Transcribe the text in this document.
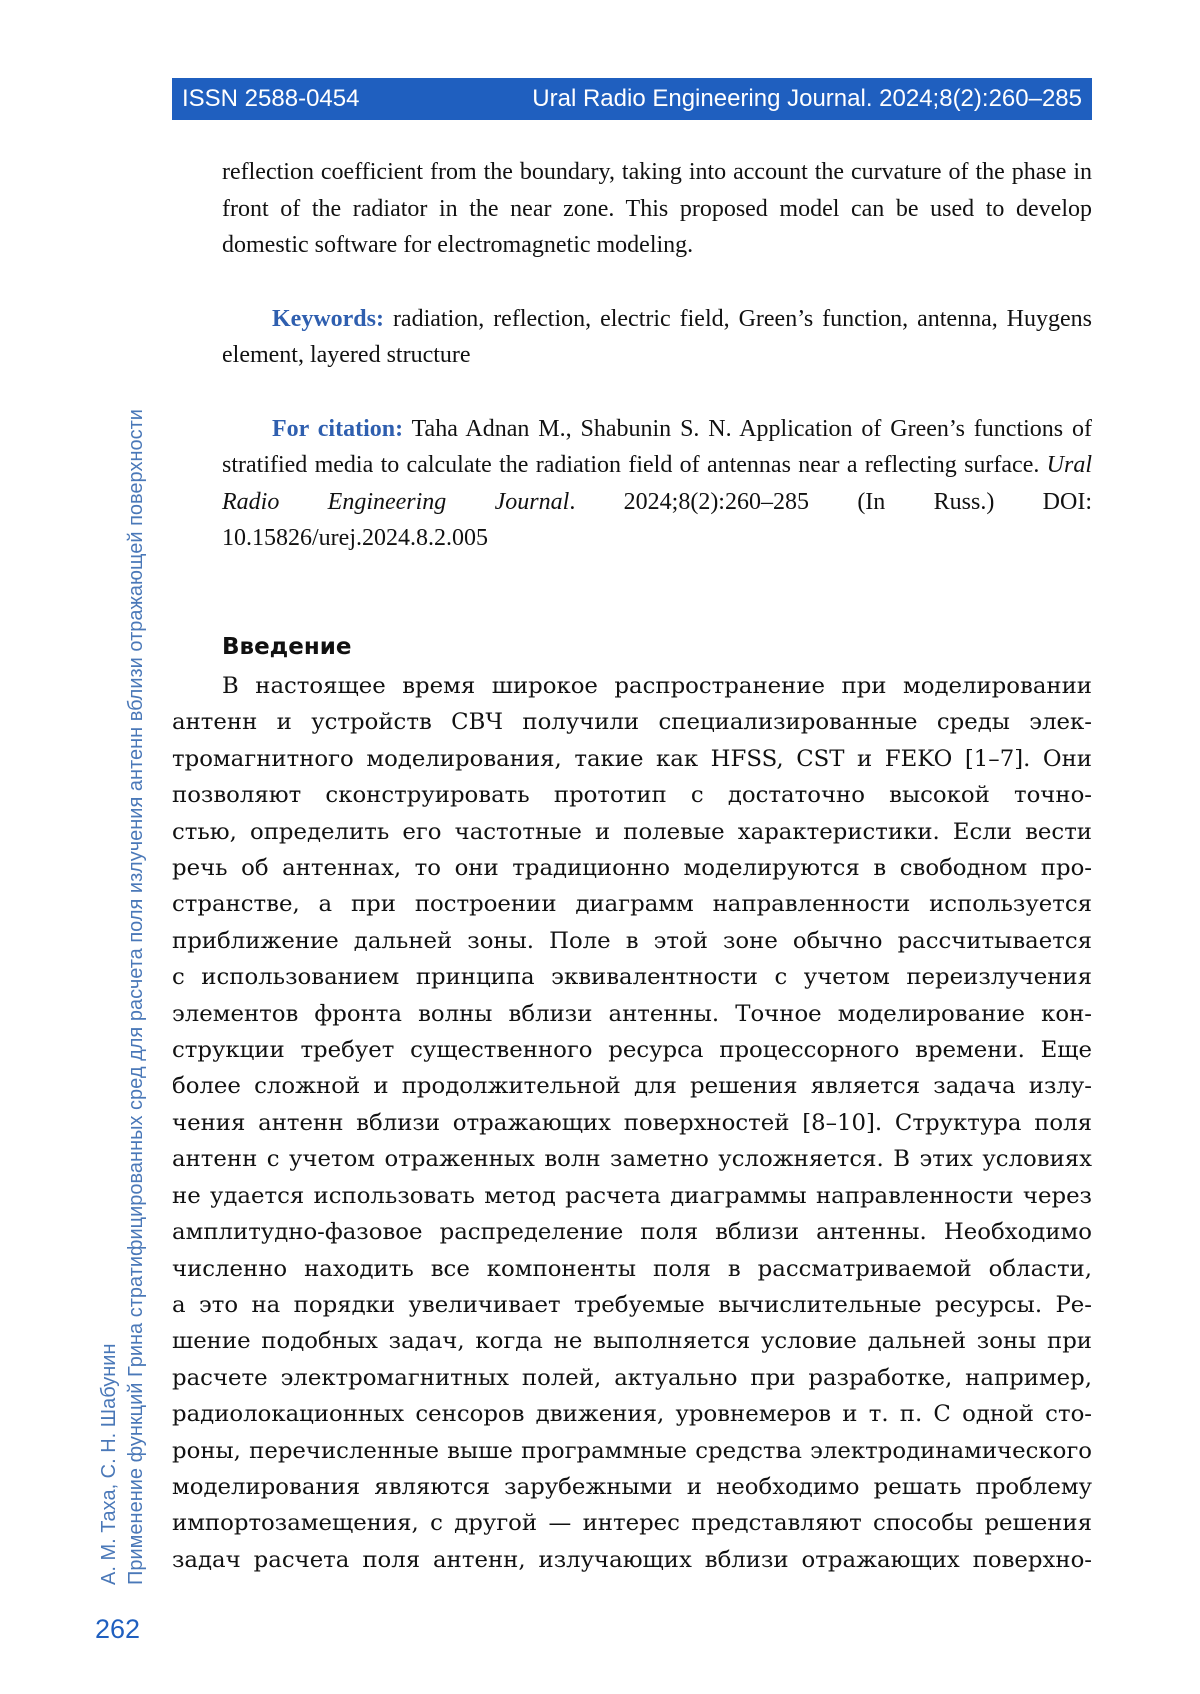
ISSN 2588-0454	Ural Radio Engineering Journal. 2024;8(2):260–285
А. М. Таха, С. Н. Шабунин Применение функций Грина стратифицированных сред для расчета поля излучения антенн вблизи отражающей поверхности
262

reflection coefficient from the boundary, taking into account the curvature of the phase in front of the radiator in the near zone. This proposed model can be used to develop domestic software for electromagnetic modeling.

Keywords: radiation, reflection, electric field, Green’s function, antenna, Huygens element, layered structure

For citation: Taha Adnan M., Shabunin S. N. Application of Green’s functions of stratified media to calculate the radiation field of antennas near a reflecting surface. Ural Radio Engineering Journal. 2024;8(2):260–285 (In Russ.) DOI: 10.15826/urej.2024.8.2.005

Введение
В настоящее время широкое распространение при моделировании
антенн и устройств СВЧ получили специализированные среды элек-
тромагнитного моделирования, такие как HFSS, CST и FEKO [1–7]. Они
позволяют сконструировать прототип с достаточно высокой точно-
стью, определить его частотные и полевые характеристики. Если вести
речь об антеннах, то они традиционно моделируются в свободном про-
странстве, а при построении диаграмм направленности используется
приближение дальней зоны. Поле в этой зоне обычно рассчитывается
с использованием принципа эквивалентности с учетом переизлучения
элементов фронта волны вблизи антенны. Точное моделирование кон-
струкции требует существенного ресурса процессорного времени. Еще
более сложной и продолжительной для решения является задача излу-
чения антенн вблизи отражающих поверхностей [8–10]. Структура поля
антенн с учетом отраженных волн заметно усложняется. В этих условиях
не удается использовать метод расчета диаграммы направленности через
амплитудно-фазовое распределение поля вблизи антенны. Необходимо
численно находить все компоненты поля в рассматриваемой области,
а это на порядки увеличивает требуемые вычислительные ресурсы. Ре-
шение подобных задач, когда не выполняется условие дальней зоны при
расчете электромагнитных полей, актуально при разработке, например,
радиолокационных сенсоров движения, уровнемеров и т. п. С одной сто-
роны, перечисленные выше программные средства электродинамического
моделирования являются зарубежными и необходимо решать проблему
импортозамещения, с другой — интерес представляют способы решения
задач расчета поля антенн, излучающих вблизи отражающих поверхно-
